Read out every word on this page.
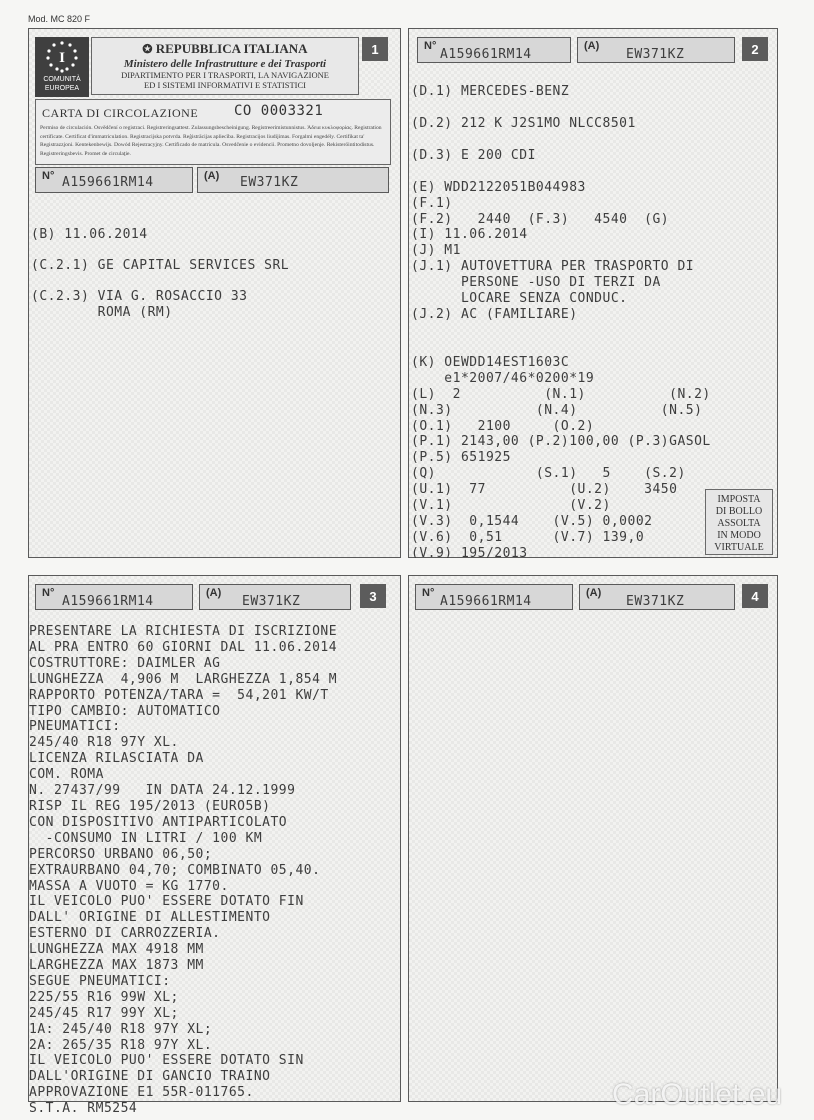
Mod. MC 820 F
1
I
COMUNITÀ
EUROPEA
✪ REPUBBLICA ITALIANA
Ministero delle Infrastrutture e dei Trasporti
DIPARTIMENTO PER I TRASPORTI, LA NAVIGAZIONE
ED I SISTEMI INFORMATIVI E STATISTICI
CARTA DI CIRCOLAZIONE	CO 0003321
Permiso de circulación. Osvědčení o registraci. Registreringsattest. Zulassungsbescheinigung. Registreerimistunnistus. Άδεια κυκλοφορίας. Registration certificate. Certificat d'immatriculation. Registracijska potvrda. Reģistrācijas apliecība. Registracijos liudijimas. Forgalmi engedély. Certifikat ta' Registrazzjoni. Kentekenbewijs. Dowód Rejestracyjny. Certificado de matrícula. Osvedčenie o evidencii. Prometno dovoljenje. Rekisteröintitodistus. Registreringsbevis. Promet de circulaţie.
N° A159661RM14	(A) EW371KZ
(B) 11.06.2014
(C.2.1) GE CAPITAL SERVICES SRL
(C.2.3) VIA G. ROSACCIO 33
ROMA (RM)
2
N°
A159661RM14
(A)
EW371KZ
(D.1) MERCEDES-BENZ
(D.2) 212 K J2S1MO NLCC8501
(D.3) E 200 CDI
(E) WDD2122051B044983
(F.1)
(F.2)   2440  (F.3)   4540  (G)
(I) 11.06.2014
(J) M1
(J.1) AUTOVETTURA PER TRASPORTO DI
PERSONE -USO DI TERZI DA
LOCARE SENZA CONDUC.
(J.2) AC (FAMILIARE)
(K) OEWDD14EST1603C
e1*2007/46*0200*19
(L)  2          (N.1)          (N.2)
(N.3)          (N.4)          (N.5)
(O.1)   2100     (O.2)
(P.1) 2143,00 (P.2)100,00 (P.3)GASOL
(P.5) 651925
(Q)            (S.1)   5    (S.2)
(U.1)  77          (U.2)    3450
(V.1)              (V.2)
(V.3)  0,1544    (V.5) 0,0002
(V.6)  0,51      (V.7) 139,0
(V.9) 195/2013
IMPOSTA
DI BOLLO
ASSOLTA
IN MODO
VIRTUALE
3
N°
A159661RM14
(A)
EW371KZ
PRESENTARE LA RICHIESTA DI ISCRIZIONE
AL PRA ENTRO 60 GIORNI DAL 11.06.2014
COSTRUTTORE: DAIMLER AG
LUNGHEZZA  4,906 M  LARGHEZZA 1,854 M
RAPPORTO POTENZA/TARA =  54,201 KW/T
TIPO CAMBIO: AUTOMATICO
PNEUMATICI:
245/40 R18 97Y XL.
LICENZA RILASCIATA DA
COM. ROMA
N. 27437/99   IN DATA 24.12.1999
RISP IL REG 195/2013 (EURO5B)
CON DISPOSITIVO ANTIPARTICOLATO
-CONSUMO IN LITRI / 100 KM
PERCORSO URBANO 06,50;
EXTRAURBANO 04,70; COMBINATO 05,40.
MASSA A VUOTO = KG 1770.
IL VEICOLO PUO' ESSERE DOTATO FIN
DALL' ORIGINE DI ALLESTIMENTO
ESTERNO DI CARROZZERIA.
LUNGHEZZA MAX 4918 MM
LARGHEZZA MAX 1873 MM
SEGUE PNEUMATICI:
225/55 R16 99W XL;
245/45 R17 99Y XL;
1A: 245/40 R18 97Y XL;
2A: 265/35 R18 97Y XL.
IL VEICOLO PUO' ESSERE DOTATO SIN
DALL'ORIGINE DI GANCIO TRAINO
APPROVAZIONE E1 55R-011765.
S.T.A. RM5254
4
N°
A159661RM14
(A)
EW371KZ
CarOutlet.eu
